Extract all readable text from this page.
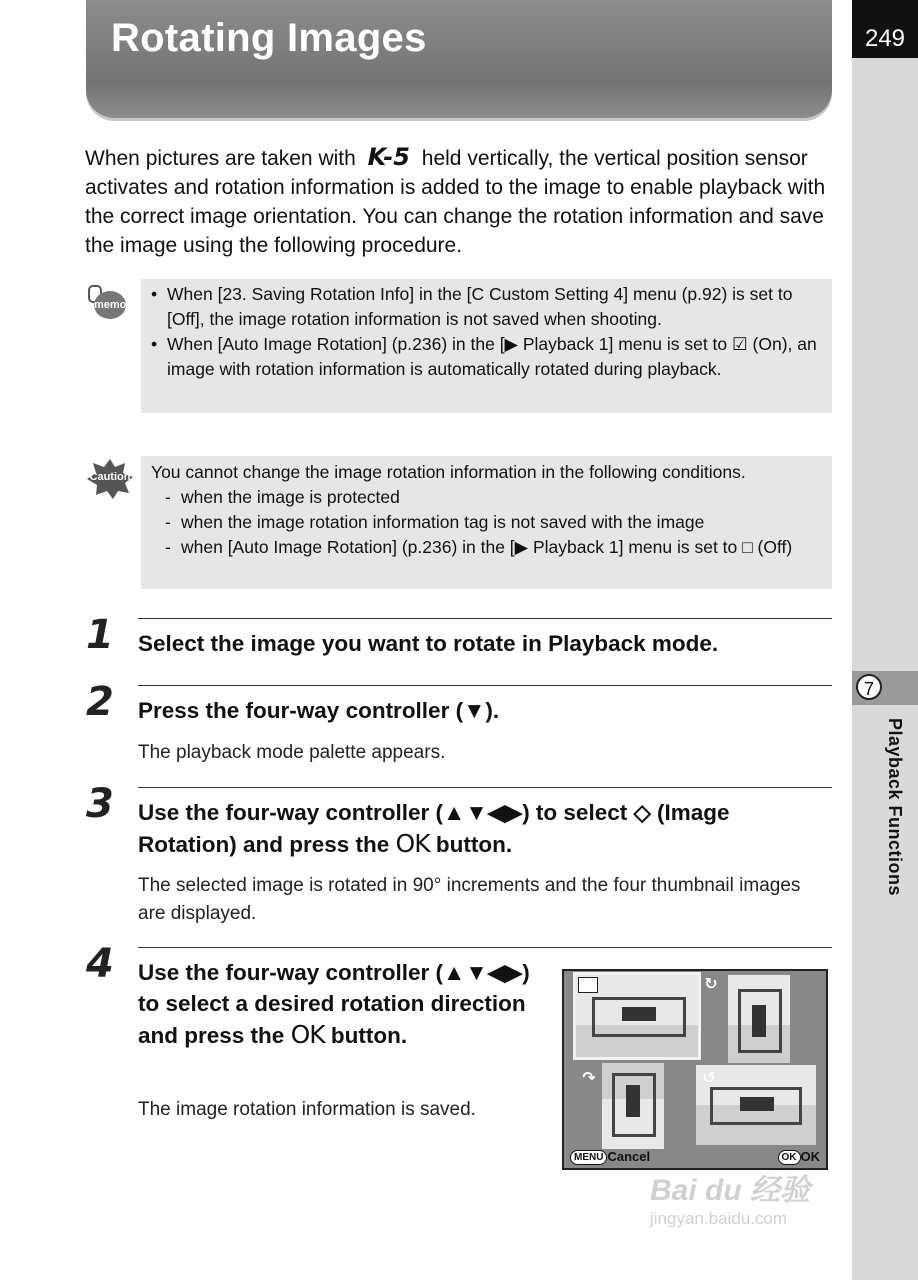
249
7
Playback Functions
Rotating Images

When pictures are taken with K-5 held vertically, the vertical position sensor activates and rotation information is added to the image to enable playback with the correct image orientation. You can change the rotation information and save the image using the following procedure.

memo
• When [23. Saving Rotation Info] in the [C Custom Setting 4] menu (p.92) is set to [Off], the image rotation information is not saved when shooting.
• When [Auto Image Rotation] (p.236) in the [▶ Playback 1] menu is set to ☑ (On), an image with rotation information is automatically rotated during playback.
Caution You cannot change the image rotation information in the following conditions.
- when the image is protected
- when the image rotation information tag is not saved with the image
- when [Auto Image Rotation] (p.236) in the [▶ Playback 1] menu is set to □ (Off)
1 Select the image you want to rotate in Playback mode.

2 Press the four-way controller (▼).

The playback mode palette appears.

3 Use the four-way controller (▲▼◀▶) to select ◇ (Image Rotation) and press the OK button.

The selected image is rotated in 90° increments and the four thumbnail images are displayed.

4 Use the four-way controller (▲▼◀▶) to select a desired rotation direction and press the OK button.

The image rotation information is saved.

↻
↷	↺
MENU Cancel	OK OK
Bai du 经验
jingyan.baidu.com
